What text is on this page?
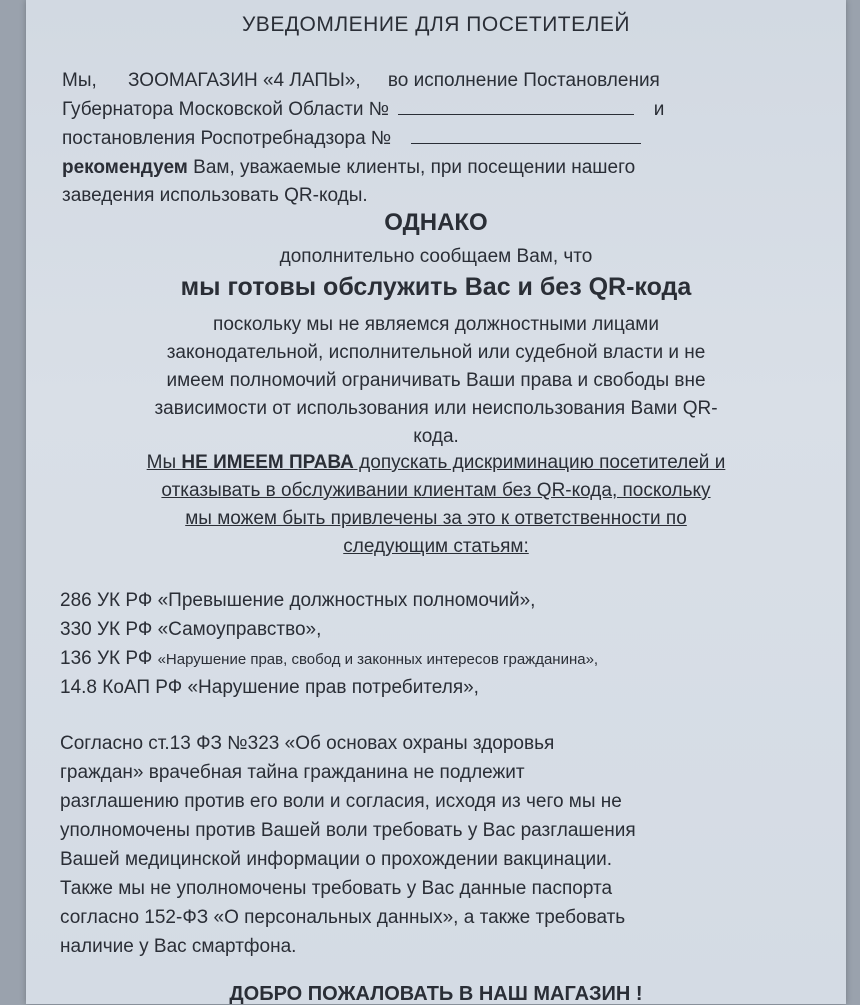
УВЕДОМЛЕНИЕ ДЛЯ ПОСЕТИТЕЛЕЙ
Мы, ЗООМАГАЗИН «4 ЛАПЫ», во исполнение Постановления
Губернатора Московской Области №	и
постановления Роспотребнадзора №
рекомендуем Вам, уважаемые клиенты, при посещении нашего
заведения использовать QR-коды.
ОДНАКО
дополнительно сообщаем Вам, что
мы готовы обслужить Вас и без QR-кода
поскольку мы не являемся должностными лицами
законодательной, исполнительной или судебной власти и не
имеем полномочий ограничивать Ваши права и свободы вне
зависимости от использования или неиспользования Вами QR-
кода.
Мы НЕ ИМЕЕМ ПРАВА допускать дискриминацию посетителей и
отказывать в обслуживании клиентам без QR-кода, поскольку
мы можем быть привлечены за это к ответственности по
следующим статьям:
286 УК РФ «Превышение должностных полномочий»,
330 УК РФ «Самоуправство»,
136 УК РФ «Нарушение прав, свобод и законных интересов гражданина»,
14.8 КоАП РФ «Нарушение прав потребителя»,
Согласно ст.13 ФЗ №323 «Об основах охраны здоровья
граждан» врачебная тайна гражданина не подлежит
разглашению против его воли и согласия, исходя из чего мы не
уполномочены против Вашей воли требовать у Вас разглашения
Вашей медицинской информации о прохождении вакцинации.
Также мы не уполномочены требовать у Вас данные паспорта
согласно 152-ФЗ «О персональных данных», а также требовать
наличие у Вас смартфона.
ДОБРО ПОЖАЛОВАТЬ В НАШ МАГАЗИН !
